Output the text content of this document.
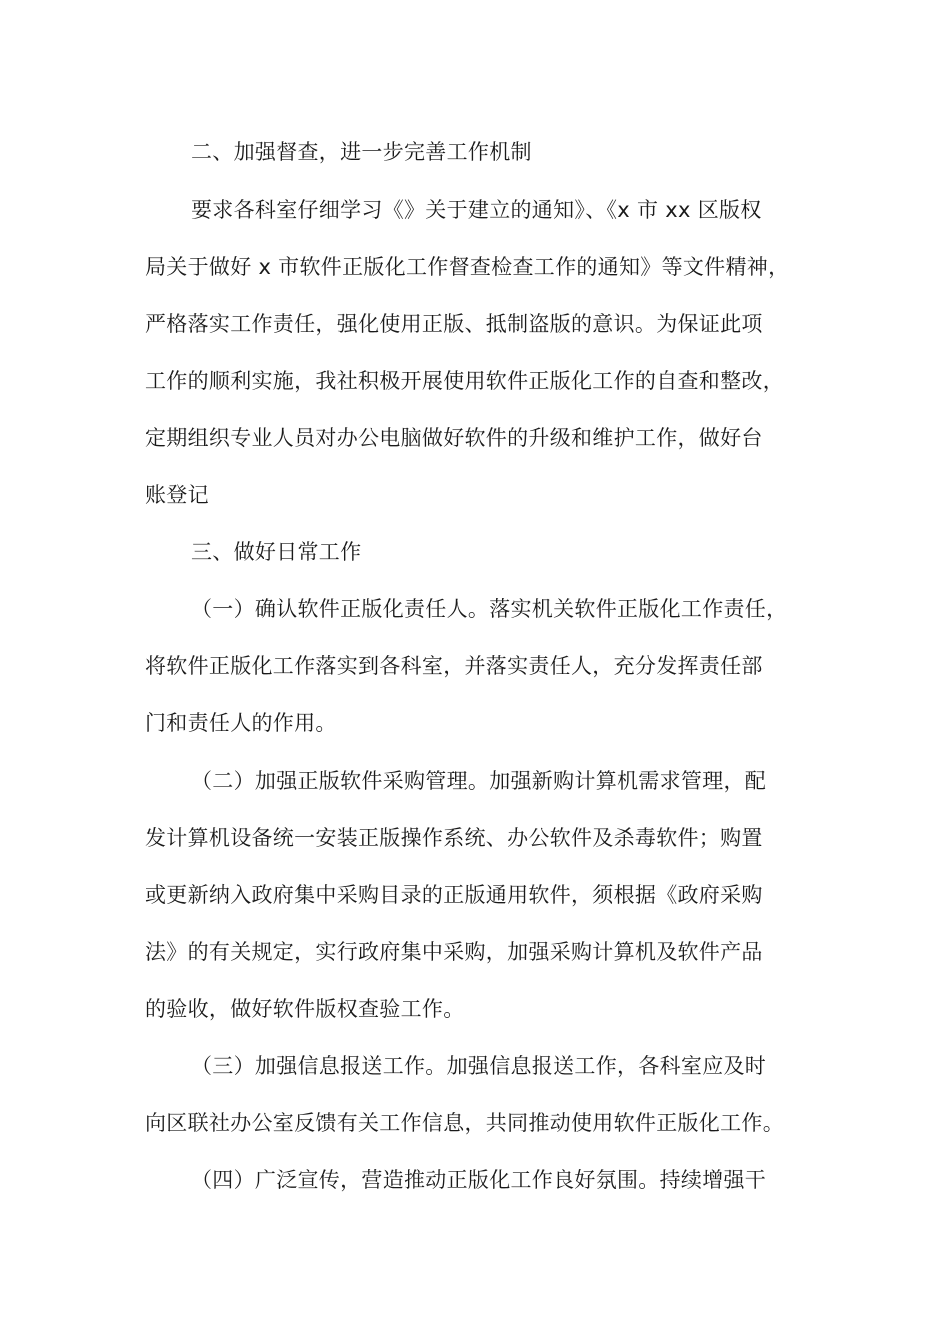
二、加强督查，进一步完善工作机制
要求各科室仔细学习《》关于建立的通知》、《x 市 xx 区版权
局关于做好 x 市软件正版化工作督查检查工作的通知》等文件精神，
严格落实工作责任，强化使用正版、抵制盗版的意识。为保证此项
工作的顺利实施，我社积极开展使用软件正版化工作的自查和整改，
定期组织专业人员对办公电脑做好软件的升级和维护工作，做好台
账登记
三、做好日常工作
（一）确认软件正版化责任人。落实机关软件正版化工作责任，
将软件正版化工作落实到各科室，并落实责任人，充分发挥责任部
门和责任人的作用。
（二）加强正版软件采购管理。加强新购计算机需求管理，配
发计算机设备统一安装正版操作系统、办公软件及杀毒软件；购置
或更新纳入政府集中采购目录的正版通用软件，须根据《政府采购
法》的有关规定，实行政府集中采购，加强采购计算机及软件产品
的验收，做好软件版权查验工作。
（三）加强信息报送工作。加强信息报送工作，各科室应及时
向区联社办公室反馈有关工作信息，共同推动使用软件正版化工作。
（四）广泛宣传，营造推动正版化工作良好氛围。持续增强干
